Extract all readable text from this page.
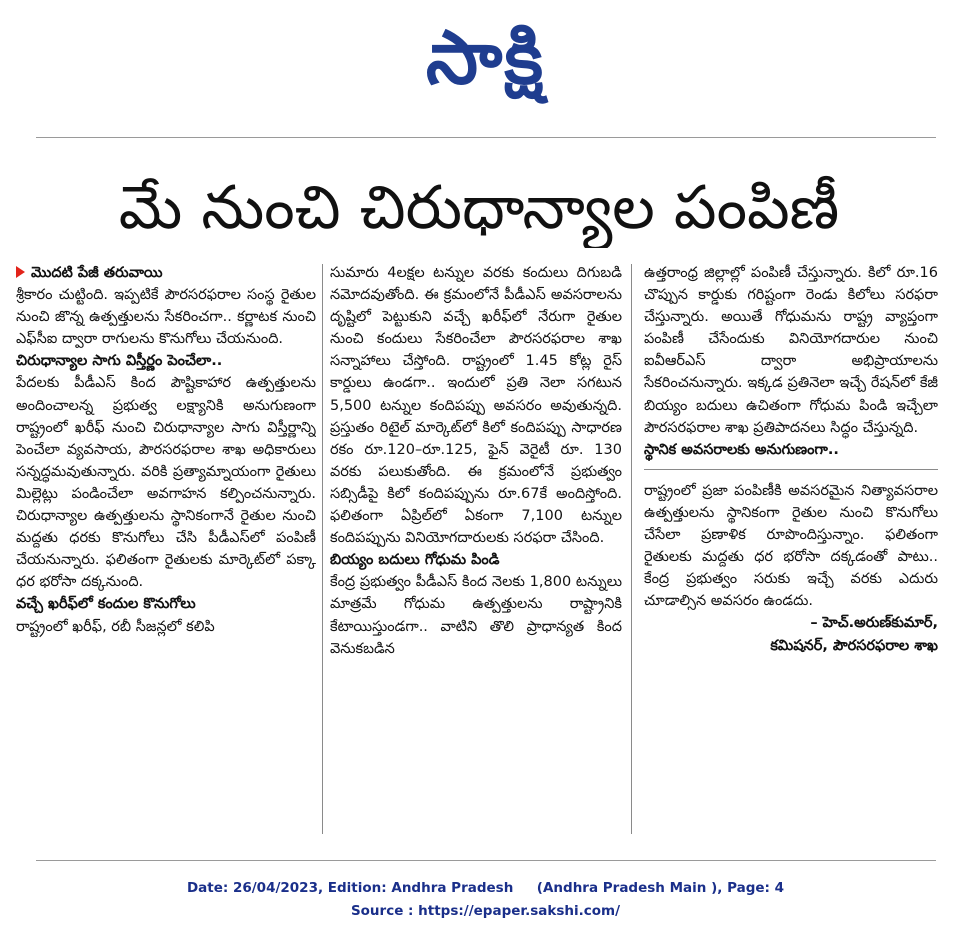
సాక్షి
మే నుంచి చిరుధాన్యాల పంపిణీ

మొదటి పేజీ తరువాయి

శ్రీకారం చుట్టింది. ఇప్పటికే పౌరసరఫరాల సంస్థ రైతుల నుంచి జొన్న ఉత్పత్తులను సేకరించగా.. కర్ణాటక నుంచి ఎఫ్‌సీఐ ద్వారా రాగులను కొనుగోలు చేయనుంది.

చిరుధాన్యాల సాగు విస్తీర్ణం పెంచేలా..

పేదలకు పీడీఎస్ కింద పౌష్టికాహార ఉత్పత్తులను అందించాలన్న ప్రభుత్వ లక్ష్యానికి అనుగుణంగా రాష్ట్రంలో ఖరీఫ్ నుంచి చిరుధాన్యాల సాగు విస్తీర్ణాన్ని పెంచేలా వ్యవసాయ, పౌరసరఫరాల శాఖ అధికారులు సన్నద్ధమవుతున్నారు. వరికి ప్రత్యామ్నాయంగా రైతులు మిల్లెట్లు పండించేలా అవగాహన కల్పించనున్నారు. చిరుధాన్యాల ఉత్పత్తులను స్థానికంగానే రైతుల నుంచి మద్దతు ధరకు కొనుగోలు చేసి పీడీఎస్‌లో పంపిణీ చేయనున్నారు. ఫలితంగా రైతులకు మార్కెట్‌లో పక్కా ధర భరోసా దక్కనుంది.

వచ్చే ఖరీఫ్‌లో కందుల కొనుగోలు

రాష్ట్రంలో ఖరీఫ్, రబీ సీజన్లలో కలిపి

సుమారు 4లక్షల టన్నుల వరకు కందులు దిగుబడి నమోదవుతోంది. ఈ క్రమంలోనే పీడీఎస్ అవసరాలను దృష్టిలో పెట్టుకుని వచ్చే ఖరీఫ్‌లో నేరుగా రైతుల నుంచి కందులు సేకరించేలా పౌరసరఫరాల శాఖ సన్నాహాలు చేస్తోంది. రాష్ట్రంలో 1.45 కోట్ల రైస్ కార్డులు ఉండగా.. ఇందులో ప్రతి నెలా సగటున 5,500 టన్నుల కందిపప్పు అవసరం అవుతున్నది. ప్రస్తుతం రిటైల్ మార్కెట్‌లో కిలో కందిపప్పు సాధారణ రకం రూ.120–రూ.125, ఫైన్ వెరైటీ రూ. 130 వరకు పలుకుతోంది. ఈ క్రమంలోనే ప్రభుత్వం సబ్సిడీపై కిలో కందిపప్పును రూ.67కే అందిస్తోంది. ఫలితంగా ఏప్రిల్‌లో ఏకంగా 7,100 టన్నుల కందిపప్పును వినియోగదారులకు సరఫరా చేసింది.

బియ్యం బదులు గోధుమ పిండి

కేంద్ర ప్రభుత్వం పీడీఎస్ కింద నెలకు 1,800 టన్నులు మాత్రమే గోధుమ ఉత్పత్తులను రాష్ట్రానికి కేటాయిస్తుండగా.. వాటిని తొలి ప్రాధాన్యత కింద వెనుకబడిన

ఉత్తరాంధ్ర జిల్లాల్లో పంపిణీ చేస్తున్నారు. కిలో రూ.16 చొప్పున కార్డుకు గరిష్టంగా రెండు కిలోలు సరఫరా చేస్తున్నారు. అయితే గోధుమను రాష్ట్ర వ్యాప్తంగా పంపిణీ చేసేందుకు వినియోగదారుల నుంచి ఐవీఆర్ఎస్ ద్వారా అభిప్రాయాలను సేకరించనున్నారు. ఇక్కడ ప్రతినెలా ఇచ్చే రేషన్‌లో కేజీ బియ్యం బదులు ఉచితంగా గోధుమ పిండి ఇచ్చేలా పౌరసరఫరాల శాఖ ప్రతిపాదనలు సిద్ధం చేస్తున్నది.

స్థానిక అవసరాలకు అనుగుణంగా..

రాష్ట్రంలో ప్రజా పంపిణీకి అవసరమైన నిత్యావసరాల ఉత్పత్తులను స్థానికంగా రైతుల నుంచి కొనుగోలు చేసేలా ప్రణాళిక రూపొందిస్తున్నాం. ఫలితంగా రైతులకు మద్దతు ధర భరోసా దక్కడంతో పాటు.. కేంద్ర ప్రభుత్వం సరుకు ఇచ్చే వరకు ఎదురు చూడాల్సిన అవసరం ఉండదు.

– హెచ్.అరుణ్‌కుమార్,

కమిషనర్, పౌరసరఫరాల శాఖ

Date: 26/04/2023, Edition: Andhra Pradesh     (Andhra Pradesh Main ), Page: 4
Source : https://epaper.sakshi.com/
